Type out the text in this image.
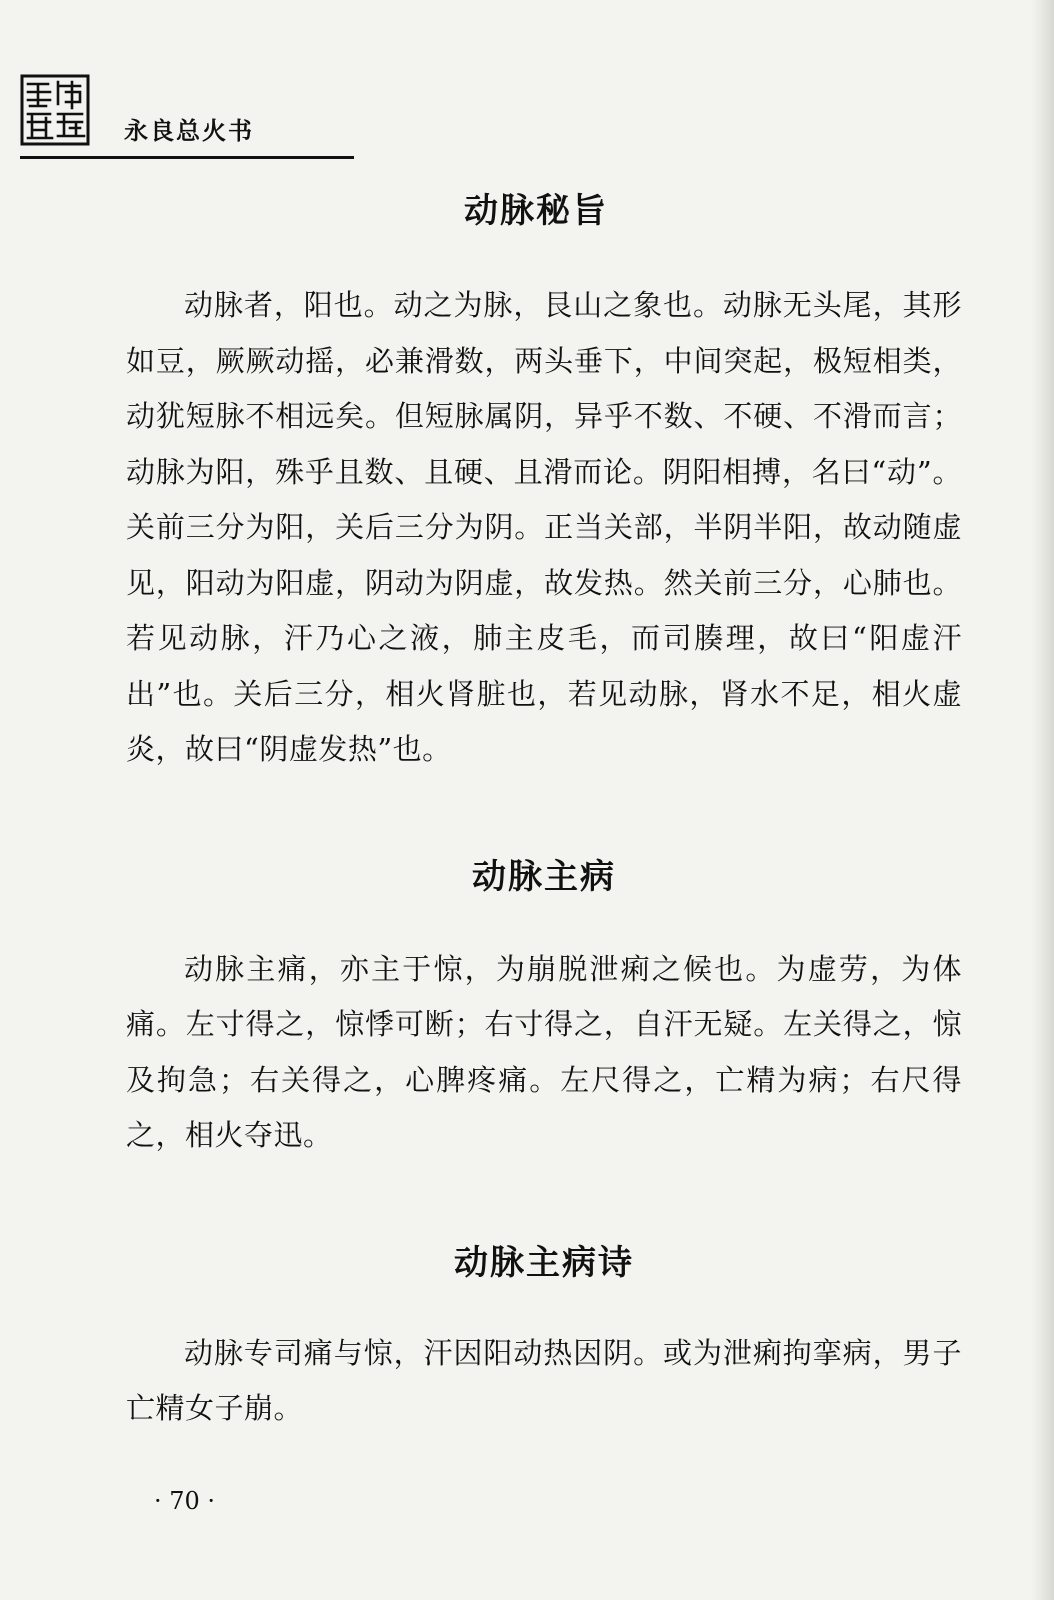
永良总火书
动脉秘旨

动脉者，阳也。动之为脉，艮山之象也。动脉无头尾，其形如豆，厥厥动摇，必兼滑数，两头垂下，中间突起，极短相类，动犹短脉不相远矣。但短脉属阴，异乎不数、不硬、不滑而言；动脉为阳，殊乎且数、且硬、且滑而论。阴阳相搏，名曰“动”。关前三分为阳，关后三分为阴。正当关部，半阴半阳，故动随虚见，阳动为阳虚，阴动为阴虚，故发热。然关前三分，心肺也。若见动脉，汗乃心之液，肺主皮毛，而司腠理，故曰“阳虚汗出”也。关后三分，相火肾脏也，若见动脉，肾水不足，相火虚炎，故曰“阴虚发热”也。

动脉主病

动脉主痛，亦主于惊，为崩脱泄痢之候也。为虚劳，为体痛。左寸得之，惊悸可断；右寸得之，自汗无疑。左关得之，惊及拘急；右关得之，心脾疼痛。左尺得之，亡精为病；右尺得之，相火夺迅。

动脉主病诗

动脉专司痛与惊，汗因阳动热因阴。或为泄痢拘挛病，男子亡精女子崩。

· 70 ·
